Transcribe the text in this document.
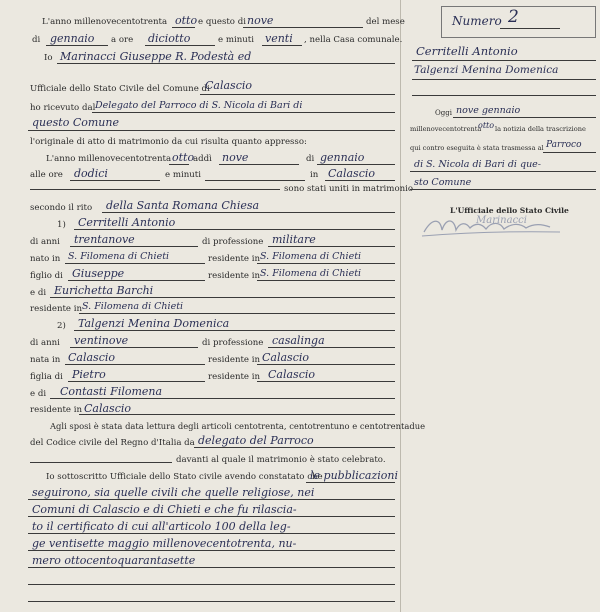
L'anno millenovecentotrenta otto e questo di nove	del mese
di gennaio a ore diciotto	e minuti venti , nella Casa comunale.
Io Marinacci Giuseppe R. Podestà ed
Ufficiale dello Stato Civile del Comune di
Calascio
ho ricevuto dal Delegato del Parroco di S. Nicola di Bari di
questo Comune
l'originale di atto di matrimonio da cui risulta quanto appresso:
L'anno millenovecentotrenta otto
addì nove	di gennaio
alle ore dodici	e minuti	in Calascio
sono stati uniti in matrimonio
secondo il rito della Santa Romana Chiesa
1) Cerritelli Antonio
di anni trentanove	di professione militare
nato in S. Filomena di Chieti	residente in S. Filomena di Chieti
figlio di Giuseppe	residente in S. Filomena di Chieti
e di Eurichetta Barchi
residente in S. Filomena di Chieti
2) Talgenzi Menina Domenica
di anni ventinove	di professione casalinga
nata in Calascio	residente in Calascio
figlia di Pietro	residente in Calascio
e di Contasti Filomena
residente in Calascio
Agli sposi è stata data lettura degli articoli centotrenta, centotrentuno e centotrentadue
del Codice civile del Regno d'Italia da delegato del Parroco
davanti al quale il matrimonio è stato celebrato.
Io sottoscritto Ufficiale dello Stato civile avendo constatato che
le pubblicazioni
seguirono, sia quelle civili che quelle religiose, nei
Comuni di Calascio e di Chieti e che fu rilascia-
to il certificato di cui all'articolo 100 della leg-
ge ventisette maggio millenovecentotrenta, nu-
mero ottocentoquarantasette
Numero 2
Cerritelli Antonio
Talgenzi Menina Domenica
Oggi nove gennaio
millenovecentotrenta
otto la notizia della trascrizione
qui contro eseguita è stata trasmessa al Parroco
di S. Nicola di Bari di que-
sto Comune
L'Ufficiale dello Stato Civile
Marinacci
